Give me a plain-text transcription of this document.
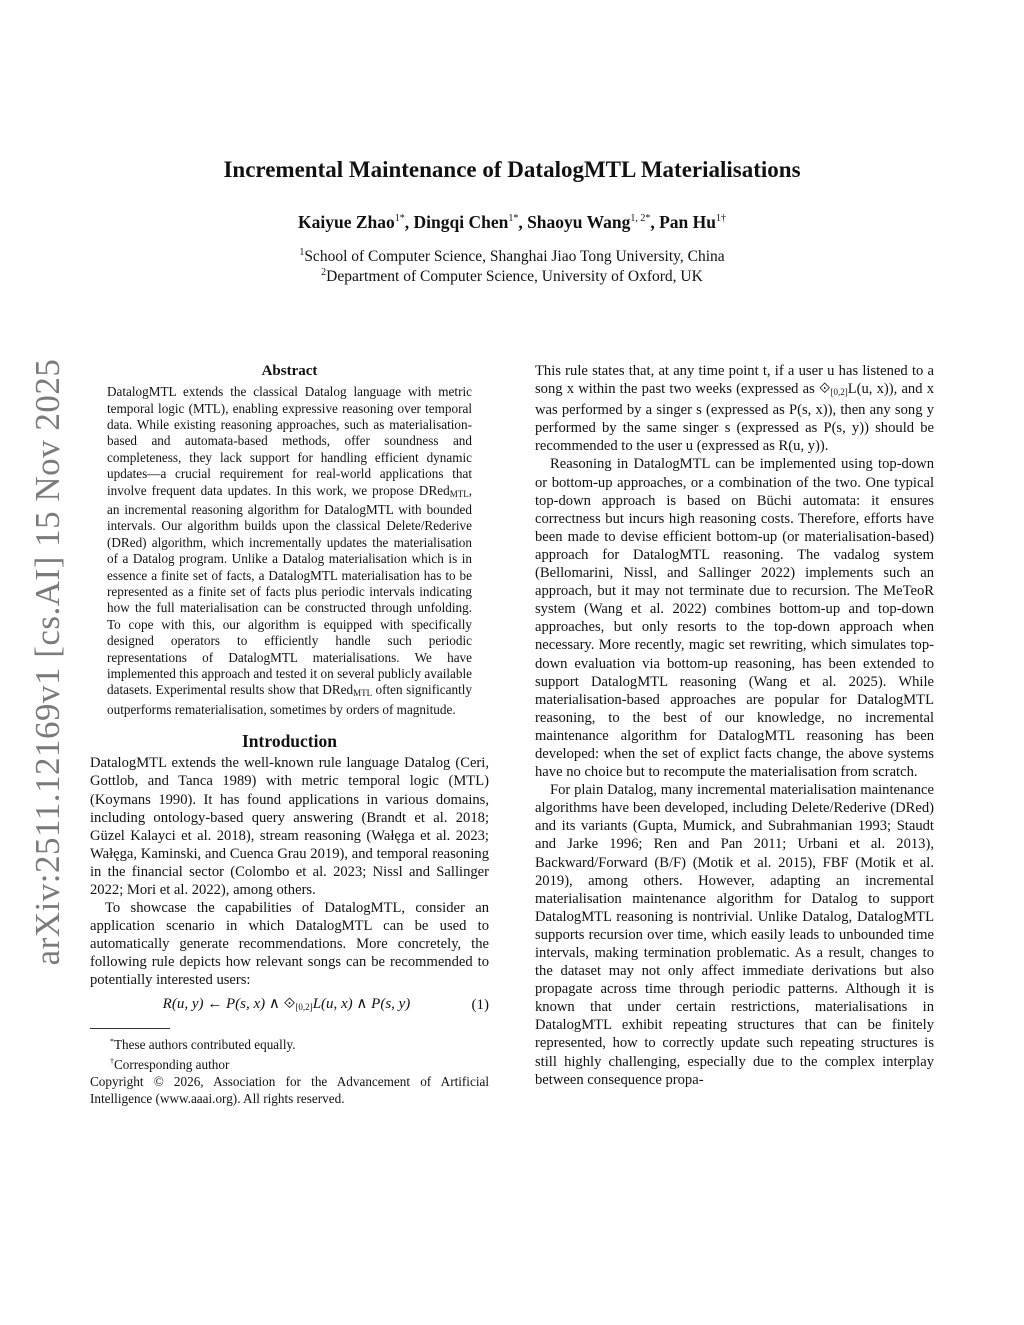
arXiv:2511.12169v1 [cs.AI] 15 Nov 2025
Incremental Maintenance of DatalogMTL Materialisations
Kaiyue Zhao$^{1*}$, Dingqi Chen$^{1*}$, Shaoyu Wang$^{1, 2*}$, Pan $Hu^{1\dagger}$
$^1$School of Computer Science, Shanghai Jiao Tong University, China
$^2$Department of Computer Science, University of Oxford, UK
Abstract

DatalogMTL extends the classical Datalog language with metric temporal logic (MTL), enabling expressive reasoning over temporal data. While existing reasoning approaches, such as materialisation-based and automata-based methods, offer soundness and completeness, they lack support for handling efficient dynamic updates—a crucial requirement for real-world applications that involve frequent data updates. In this work, we propose DRed$_{MTL}$, an incremental reasoning algorithm for DatalogMTL with bounded intervals. Our algorithm builds upon the classical Delete/Rederive (DRed) algorithm, which incrementally updates the materialisation of a Datalog program. Unlike a Datalog materialisation which is in essence a finite set of facts, a DatalogMTL materialisation has to be represented as a finite set of facts plus periodic intervals indicating how the full materialisation can be constructed through unfolding. To cope with this, our algorithm is equipped with specifically designed operators to efficiently handle such periodic representations of DatalogMTL materialisations. We have implemented this approach and tested it on several publicly available datasets. Experimental results show that DRed$_{MTL}$ often significantly outperforms rematerialisation, sometimes by orders of magnitude.

Introduction

DatalogMTL extends the well-known rule language Datalog (Ceri, Gottlob, and Tanca 1989) with metric temporal logic (MTL) (Koymans 1990). It has found applications in various domains, including ontology-based query answering (Brandt et al. 2018; Güzel Kalayci et al. 2018), stream reasoning (Wałęga et al. 2023; Wałęga, Kaminski, and Cuenca Grau 2019), and temporal reasoning in the financial sector (Colombo et al. 2023; Nissl and Sallinger 2022; Mori et al. 2022), among others.

To showcase the capabilities of DatalogMTL, consider an application scenario in which DatalogMTL can be used to automatically generate recommendations. More concretely, the following rule depicts how relevant songs can be recommended to potentially interested users:

R(u, y) ← P(s, x) ∧ $⟐_{[0,2]}L(u$, x) ∧ P(s, y)	(1)
*These authors contributed equally.
†Corresponding author

Copyright © 2026, Association for the Advancement of Artificial Intelligence (www.aaai.org). All rights reserved.

This rule states that, at any time point t, if a user u has listened to a song x within the past two weeks (expressed as $⟐_{[0,2]}L(u$, x)), and x was performed by a singer s (expressed as P(s, x)), then any song y performed by the same singer s (expressed as P(s, y)) should be recommended to the user u (expressed as R(u, y)).

Reasoning in DatalogMTL can be implemented using top-down or bottom-up approaches, or a combination of the two. One typical top-down approach is based on Büchi automata: it ensures correctness but incurs high reasoning costs. Therefore, efforts have been made to devise efficient bottom-up (or materialisation-based) approach for DatalogMTL reasoning. The vadalog system (Bellomarini, Nissl, and Sallinger 2022) implements such an approach, but it may not terminate due to recursion. The MeTeoR system (Wang et al. 2022) combines bottom-up and top-down approaches, but only resorts to the top-down approach when necessary. More recently, magic set rewriting, which simulates top-down evaluation via bottom-up reasoning, has been extended to support DatalogMTL reasoning (Wang et al. 2025). While materialisation-based approaches are popular for DatalogMTL reasoning, to the best of our knowledge, no incremental maintenance algorithm for DatalogMTL reasoning has been developed: when the set of explict facts change, the above systems have no choice but to recompute the materialisation from scratch.

For plain Datalog, many incremental materialisation maintenance algorithms have been developed, including Delete/Rederive (DRed) and its variants (Gupta, Mumick, and Subrahmanian 1993; Staudt and Jarke 1996; Ren and Pan 2011; Urbani et al. 2013), Backward/Forward (B/F) (Motik et al. 2015), FBF (Motik et al. 2019), among others. However, adapting an incremental materialisation maintenance algorithm for Datalog to support DatalogMTL reasoning is nontrivial. Unlike Datalog, DatalogMTL supports recursion over time, which easily leads to unbounded time intervals, making termination problematic. As a result, changes to the dataset may not only affect immediate derivations but also propagate across time through periodic patterns. Although it is known that under certain restrictions, materialisations in DatalogMTL exhibit repeating structures that can be finitely represented, how to correctly update such repeating structures is still highly challenging, especially due to the complex interplay between consequence propa-
